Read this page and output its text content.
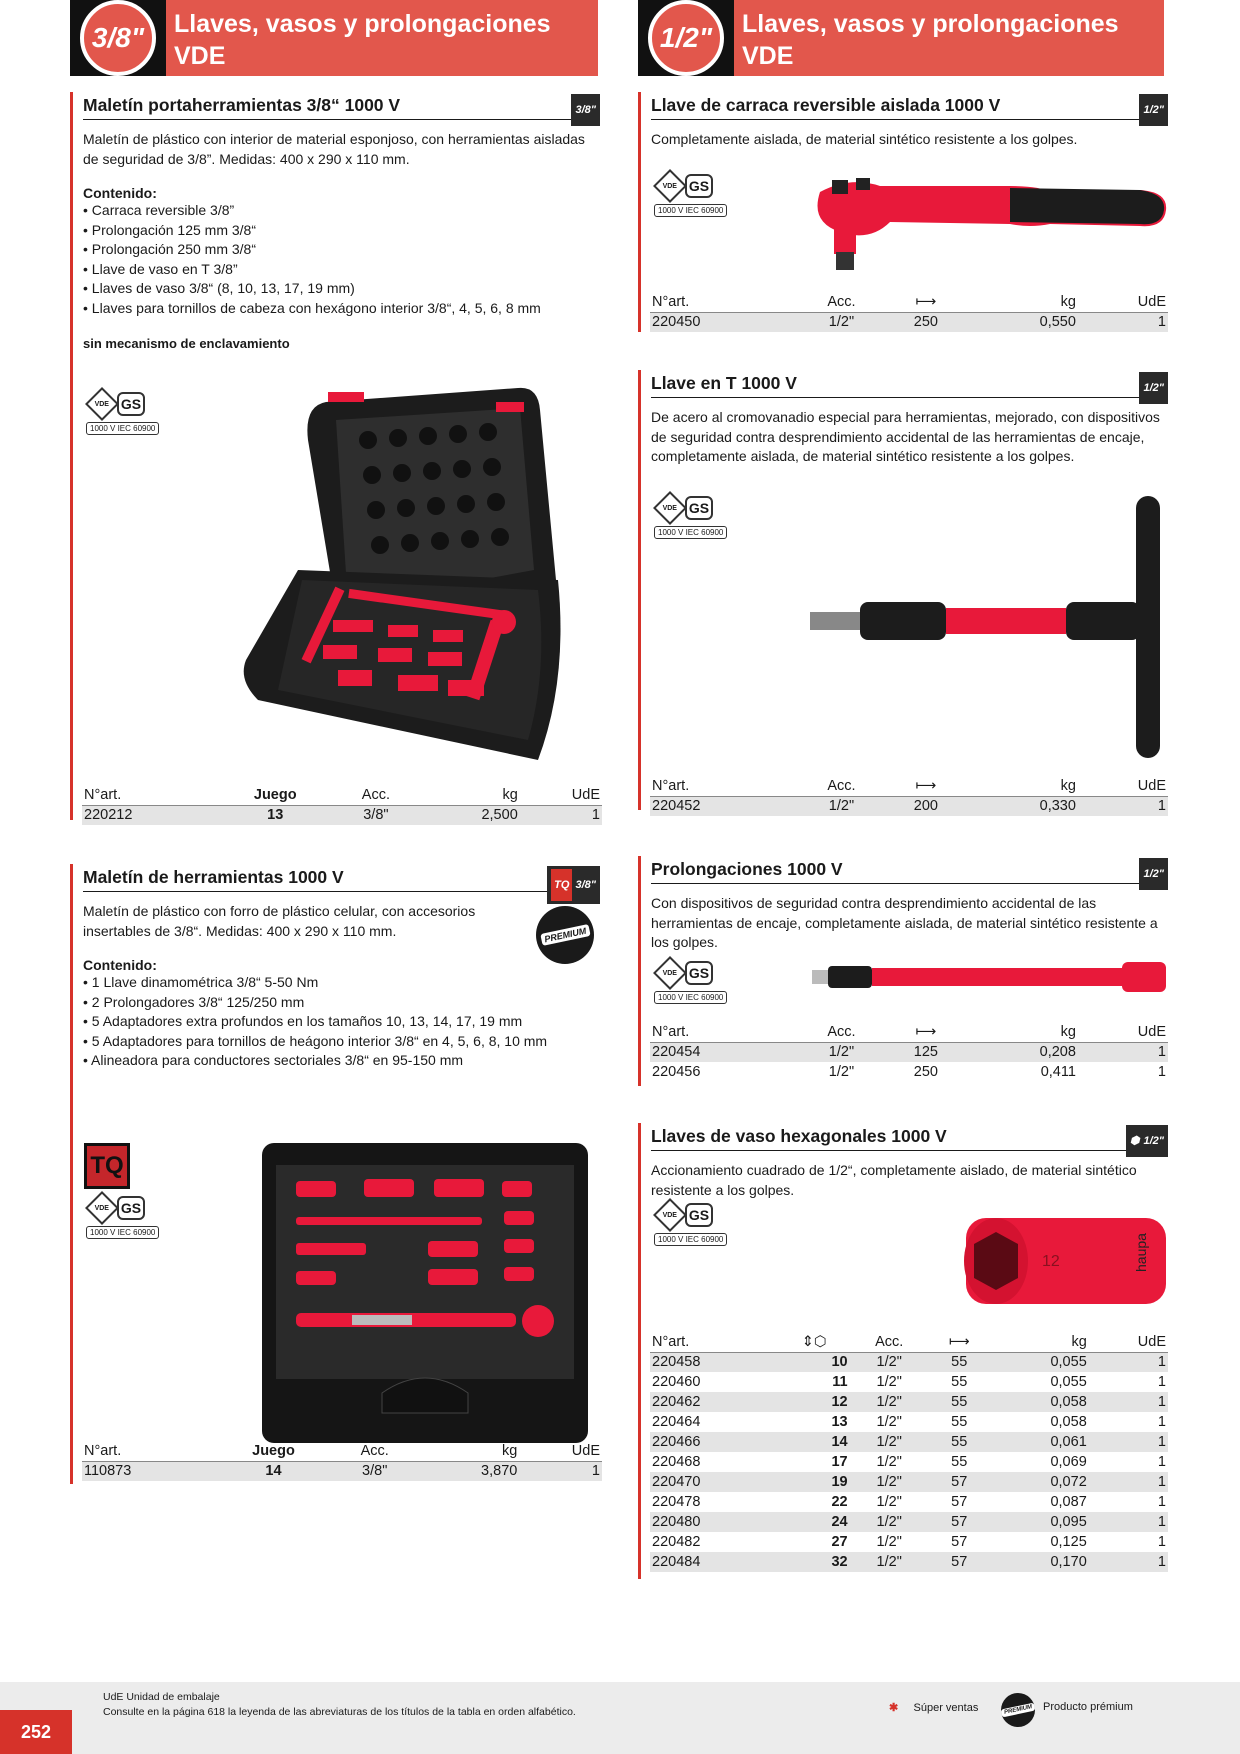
3/8"	Llaves, vasos y prolongaciones VDE
1000 V
1/2"	Llaves, vasos y prolongaciones VDE
1000 V
Maletín portaherramientas 3/8“ 1000 V	3/8"
Maletín de plástico con interior de material esponjoso, con herramientas aisladas de seguridad de 3/8”. Medidas: 400 x 290 x 110 mm.
Contenido:
• Carraca reversible 3/8”
• Prolongación 125 mm 3/8“
• Prolongación 250 mm 3/8“
• Llave de vaso en T 3/8”
• Llaves de vaso 3/8“ (8, 10, 13, 17, 19 mm)
• Llaves para tornillos de cabeza con hexágono interior 3/8“, 4, 5, 6, 8 mm
sin mecanismo de enclavamiento
VDE GS
1000 V IEC 60900
N°art.	Juego	Acc.	kg	UdE
220212	13	3/8"	2,500	1
Maletín de herramientas 1000 V	TQ 3/8"
Maletín de plástico con forro de plástico celular, con accesorios insertables de 3/8“. Medidas: 400 x 290 x 110 mm.
Contenido:
• 1 Llave dinamométrica 3/8“ 5-50 Nm
• 2 Prolongadores 3/8“ 125/250 mm
• 5 Adaptadores extra profundos en los tamaños 10, 13, 14, 17, 19 mm
• 5 Adaptadores para tornillos de heágono interior 3/8“ en 4, 5, 6, 8, 10 mm
• Alineadora para conductores sectoriales 3/8“ en 95-150 mm
PREMIUM
TQ
VDE GS
1000 V IEC 60900
N°art.	Juego	Acc.	kg	UdE
110873	14	3/8"	3,870	1
Llave de carraca reversible aislada 1000 V	1/2"
Completamente aislada, de material sintético resistente a los golpes.
VDE GS
1000 V IEC 60900
N°art.	Acc.	⟼	kg	UdE
220450	1/2"	250	0,550	1
Llave en T 1000 V	1/2"
De acero al cromovanadio especial para herramientas, mejorado, con dispositivos de seguridad contra desprendimiento accidental de las herramientas de encaje, completamente aislada, de material sintético resistente a los golpes.
VDE GS
1000 V IEC 60900
N°art.	Acc.	⟼	kg	UdE
220452	1/2"	200	0,330	1
Prolongaciones 1000 V	1/2"
Con dispositivos de seguridad contra desprendimiento accidental de las herramientas de encaje, completamente aislada, de material sintético resistente a los golpes.
VDE GS
1000 V IEC 60900
N°art.	Acc.	⟼	kg	UdE
220454	1/2"	125	0,208	1
220456	1/2"	250	0,411	1
Llaves de vaso hexagonales 1000 V	⬢ 1/2"
Accionamiento cuadrado de 1/2“, completamente aislado, de material sintético resistente a los golpes.
VDE GS
1000 V IEC 60900
12	haupa
N°art.	⇕⬡	Acc.	⟼	kg	UdE
220458	10	1/2"	55	0,055	1
220460	11	1/2"	55	0,055	1
220462	12	1/2"	55	0,058	1
220464	13	1/2"	55	0,058	1
220466	14	1/2"	55	0,061	1
220468	17	1/2"	55	0,069	1
220470	19	1/2"	57	0,072	1
220478	22	1/2"	57	0,087	1
220480	24	1/2"	57	0,095	1
220482	27	1/2"	57	0,125	1
220484	32	1/2"	57	0,170	1
252
UdE Unidad de embalaje
Consulte en la página 618 la leyenda de las abreviaturas de los títulos de la tabla en orden alfabético.	✱ Súper ventas	PREMIUM Producto prémium
